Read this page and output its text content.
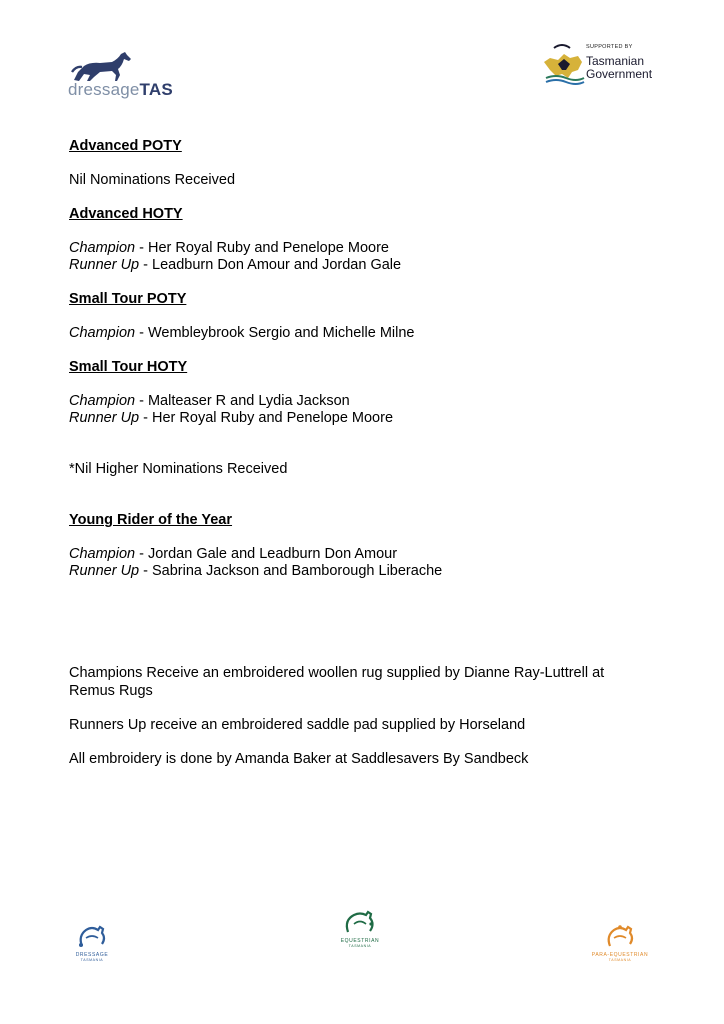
dressageTAS
SUPPORTED BY
Tasmanian
Government
Advanced POTY
Nil Nominations Received
Advanced HOTY
Champion - Her Royal Ruby and Penelope Moore
Runner Up - Leadburn Don Amour and Jordan Gale
Small Tour POTY
Champion - Wembleybrook Sergio and Michelle Milne
Small Tour HOTY
Champion - Malteaser R and Lydia Jackson
Runner Up - Her Royal Ruby and Penelope Moore
*Nil Higher Nominations Received
Young Rider of the Year
Champion - Jordan Gale and Leadburn Don Amour
Runner Up - Sabrina Jackson and Bamborough Liberache
Champions Receive an embroidered woollen rug supplied by Dianne Ray-Luttrell at
Remus Rugs
Runners Up receive an embroidered saddle pad supplied by Horseland
All embroidery is done by Amanda Baker at Saddlesavers By Sandbeck
DRESSAGE
TASMANIA
EQUESTRIAN
TASMANIA
PARA-EQUESTRIAN
TASMANIA
